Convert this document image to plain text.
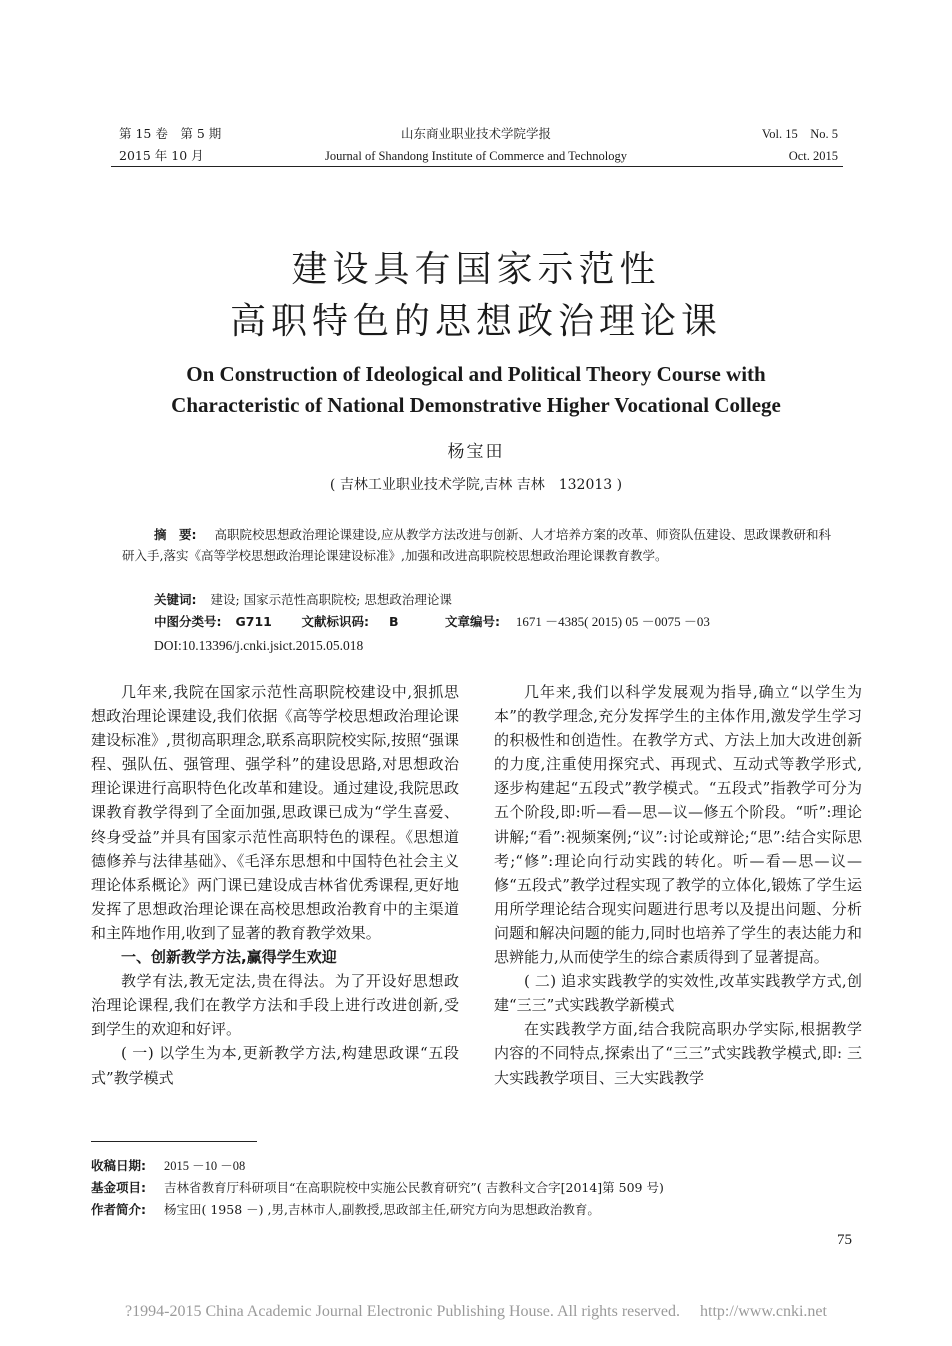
第 15 卷　第 5 期
2015 年 10 月
山东商业职业技术学院学报
Journal of Shandong Institute of Commerce and Technology
Vol. 15　No. 5
Oct. 2015
建设具有国家示范性
高职特色的思想政治理论课
On Construction of Ideological and Political Theory Course with
Characteristic of National Demonstrative Higher Vocational College
杨宝田
( 吉林工业职业技术学院,吉林 吉林　132013 )
摘　要: 高职院校思想政治理论课建设,应从教学方法改进与创新、人才培养方案的改革、师资队伍建设、思政课教研和科研入手,落实《高等学校思想政治理论课建设标准》,加强和改进高职院校思想政治理论课教育教学。
关键词: 建设; 国家示范性高职院校; 思想政治理论课
中图分类号: G711 文献标识码: B	文章编号: 1671 －4385( 2015) 05 －0075 －03
DOI:10.13396/j.cnki.jsict.2015.05.018

几年来,我院在国家示范性高职院校建设中,狠抓思想政治理论课建设,我们依据《高等学校思想政治理论课建设标准》,贯彻高职理念,联系高职院校实际,按照“强课程、强队伍、强管理、强学科”的建设思路,对思想政治理论课进行高职特色化改革和建设。通过建设,我院思政课教育教学得到了全面加强,思政课已成为“学生喜爱、终身受益”并具有国家示范性高职特色的课程。《思想道德修养与法律基础》、《毛泽东思想和中国特色社会主义理论体系概论》两门课已建设成吉林省优秀课程,更好地发挥了思想政治理论课在高校思想政治教育中的主渠道和主阵地作用,收到了显著的教育教学效果。

一、创新教学方法,赢得学生欢迎

教学有法,教无定法,贵在得法。为了开设好思想政治理论课程,我们在教学方法和手段上进行改进创新,受到学生的欢迎和好评。

( 一) 以学生为本,更新教学方法,构建思政课“五段式”教学模式

几年来,我们以科学发展观为指导,确立“以学生为本”的教学理念,充分发挥学生的主体作用,激发学生学习的积极性和创造性。在教学方式、方法上加大改进创新的力度,注重使用探究式、再现式、互动式等教学形式,逐步构建起“五段式”教学模式。“五段式”指教学可分为五个阶段,即:听—看—思—议—修五个阶段。“听”:理论讲解;“看”:视频案例;“议”:讨论或辩论;“思”:结合实际思考;“修”:理论向行动实践的转化。听—看—思—议—修“五段式”教学过程实现了教学的立体化,锻炼了学生运用所学理论结合现实问题进行思考以及提出问题、分析问题和解决问题的能力,同时也培养了学生的表达能力和思辨能力,从而使学生的综合素质得到了显著提高。

( 二) 追求实践教学的实效性,改革实践教学方式,创建“三三”式实践教学新模式

在实践教学方面,结合我院高职办学实际,根据教学内容的不同特点,探索出了“三三”式实践教学模式,即: 三大实践教学项目、三大实践教学

收稿日期: 2015 －10 －08
基金项目: 吉林省教育厅科研项目“在高职院校中实施公民教育研究”( 吉教科文合字[2014]第 509 号)
作者简介: 杨宝田( 1958 －) ,男,吉林市人,副教授,思政部主任,研究方向为思想政治教育。
75
?1994-2015 China Academic Journal Electronic Publishing House. All rights reserved.　 http://www.cnki.net
